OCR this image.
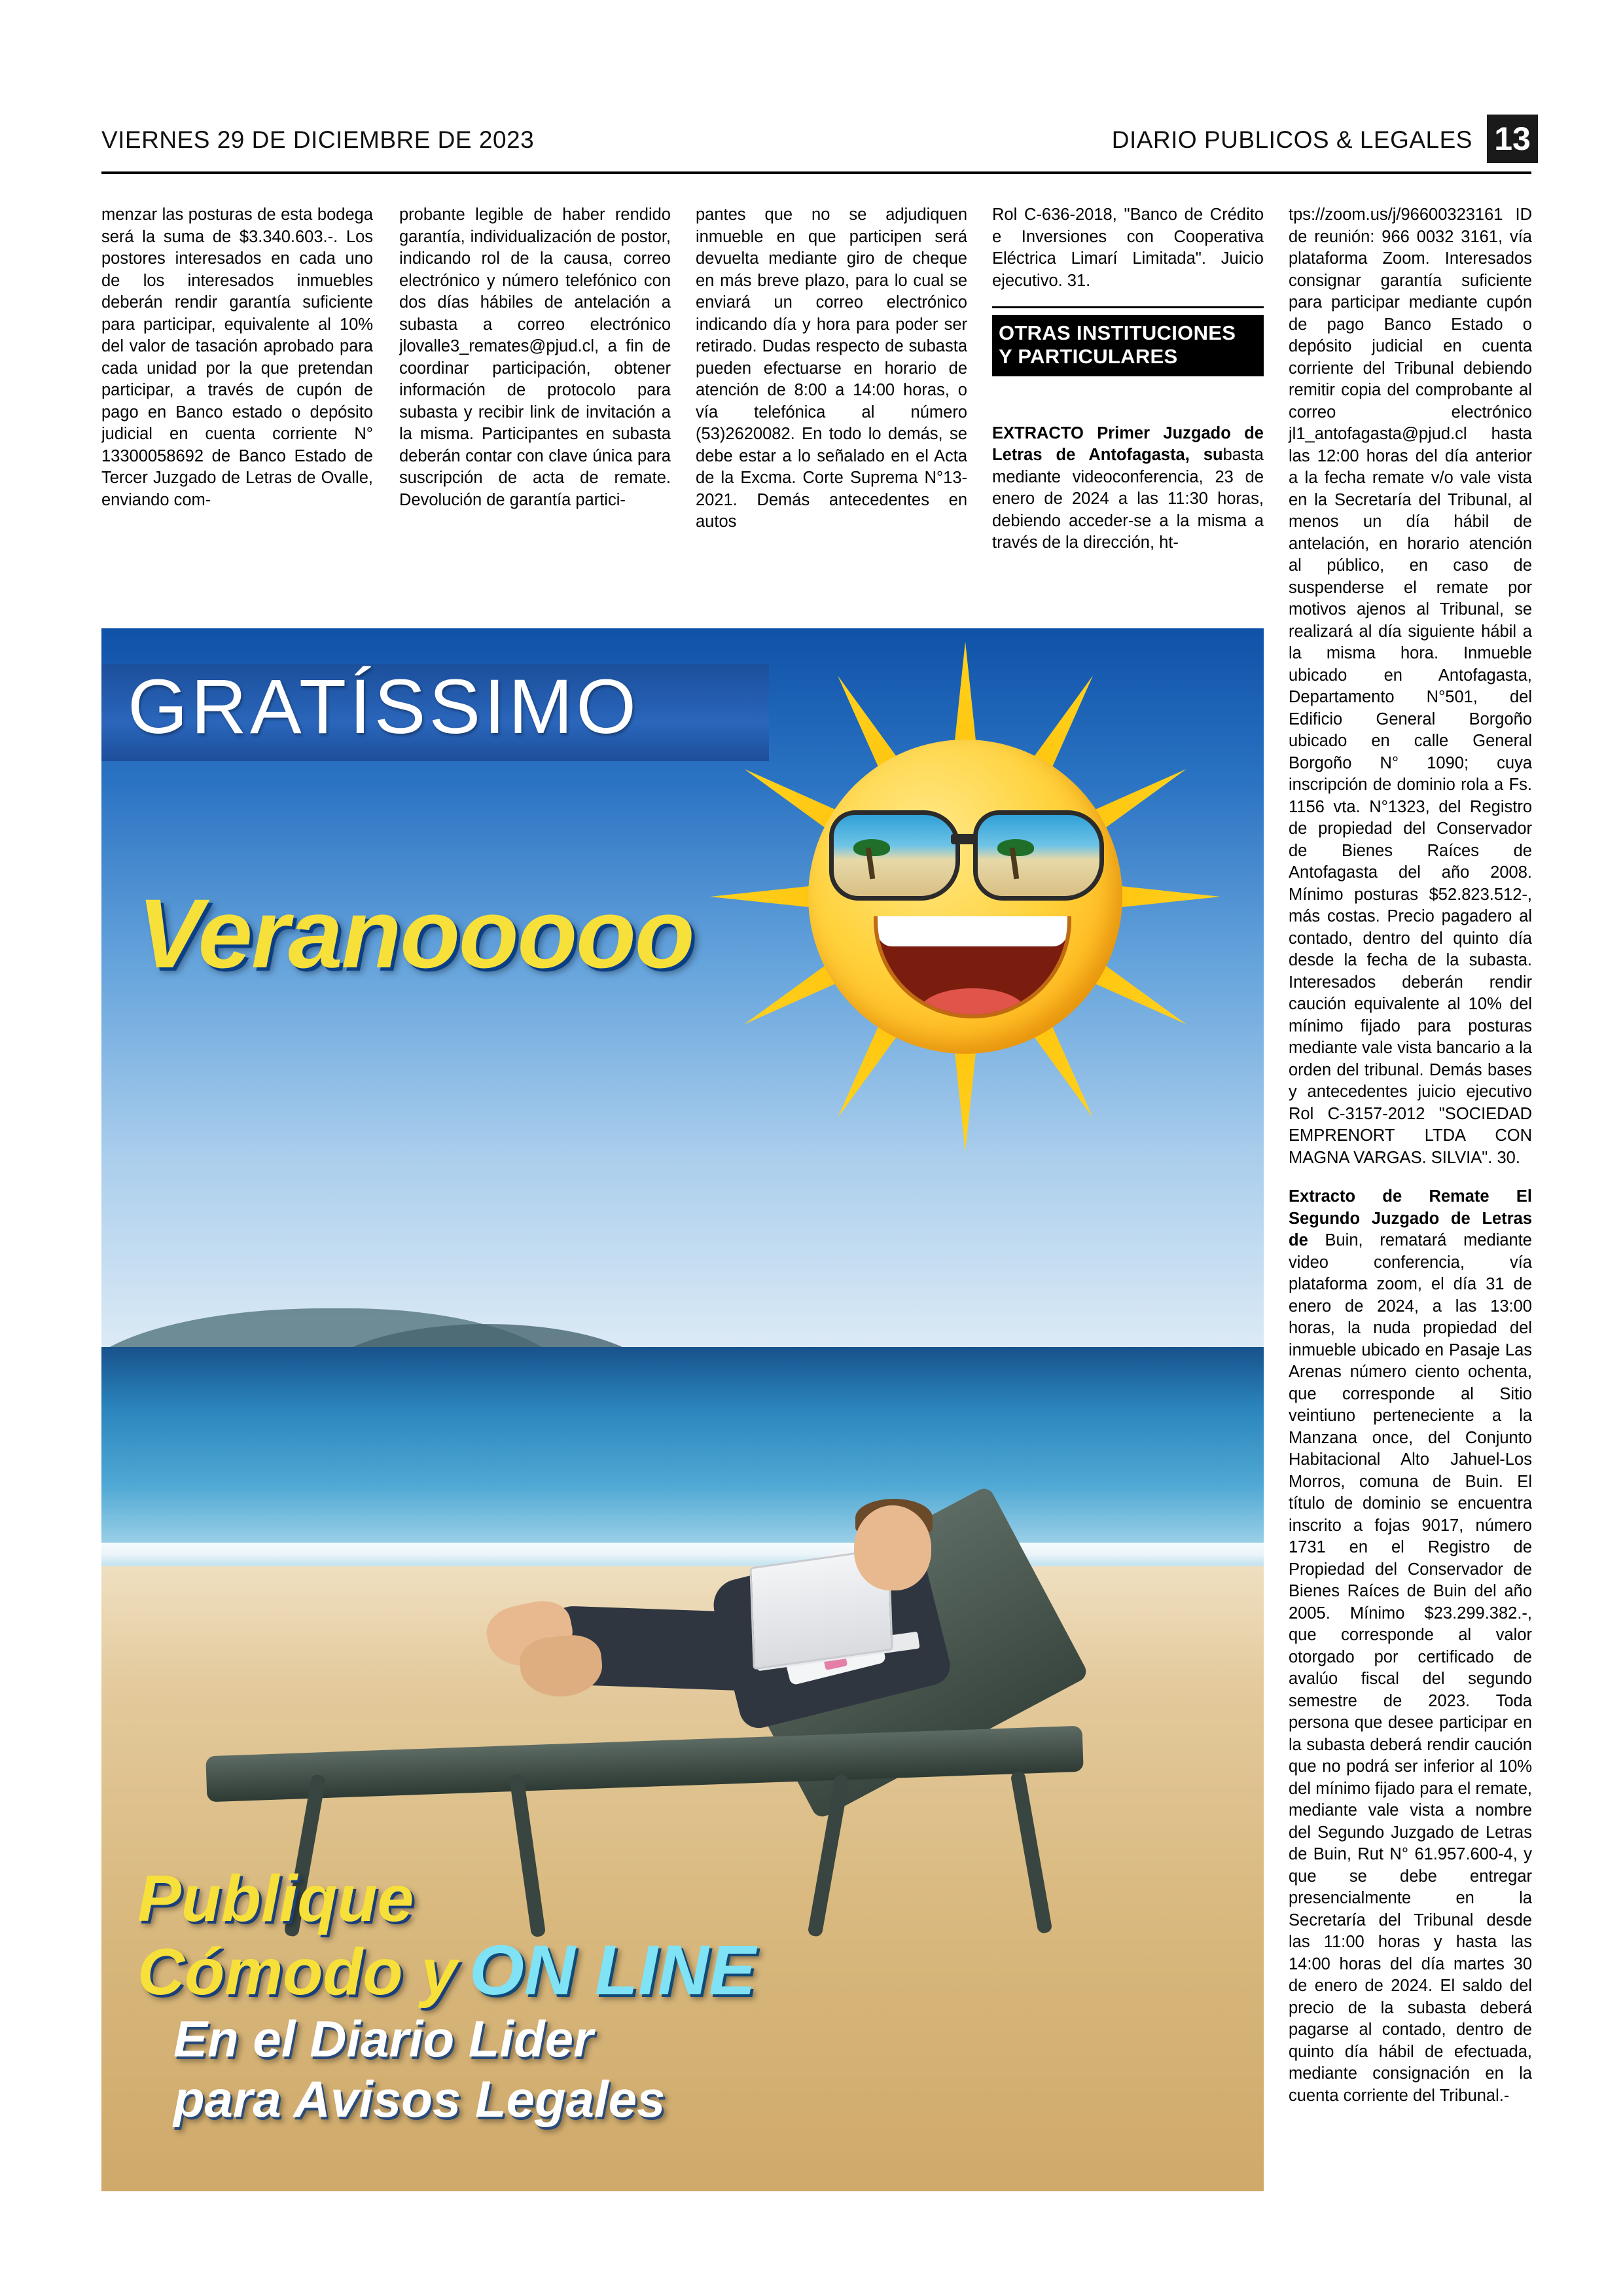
VIERNES 29 DE DICIEMBRE DE 2023	DIARIO PUBLICOS & LEGALES 13

menzar las posturas de esta bodega será la suma de $3.340.603.-. Los postores interesados en cada uno de los interesados inmuebles deberán rendir garantía suficiente para participar, equivalente al 10% del valor de tasación aprobado para cada unidad por la que pretendan participar, a través de cupón de pago en Banco estado o depósito judicial en cuenta corriente N° 13300058692 de Banco Estado de Tercer Juzgado de Letras de Ovalle, enviando com-

probante legible de haber rendido garantía, individualización de postor, indicando rol de la causa, correo electrónico y número telefónico con dos días hábiles de antelación a subasta a correo electrónico jlovalle3_remates@pjud.cl, a fin de coordinar participación, obtener información de protocolo para subasta y recibir link de invitación a la misma. Participantes en subasta deberán contar con clave única para suscripción de acta de remate. Devolución de garantía partici-

pantes que no se adjudiquen inmueble en que participen será devuelta mediante giro de cheque en más breve plazo, para lo cual se enviará un correo electrónico indicando día y hora para poder ser retirado. Dudas respecto de subasta pueden efectuarse en horario de atención de 8:00 a 14:00 horas, o vía telefónica al número (53)2620082. En todo lo demás, se debe estar a lo señalado en el Acta de la Excma. Corte Suprema N°13-2021. Demás antecedentes en autos

Rol C-636-2018, "Banco de Crédito e Inversiones con Cooperativa Eléctrica Limarí Limitada". Juicio ejecutivo. 31.

OTRAS INSTITUCIONES
Y PARTICULARES

EXTRACTO Primer Juzgado de Letras de Antofagasta, subasta mediante videoconferencia, 23 de enero de 2024 a las 11:30 horas, debiendo acceder-se a la misma a través de la dirección, ht-

tps://zoom.us/j/96600323161 ID de reunión: 966 0032 3161, vía plataforma Zoom. Interesados consignar garantía suficiente para participar mediante cupón de pago Banco Estado o depósito judicial en cuenta corriente del Tribunal debiendo remitir copia del comprobante al correo electrónico jl1_antofagasta@pjud.cl hasta las 12:00 horas del día anterior a la fecha remate v/o vale vista en la Secretaría del Tribunal, al menos un día hábil de antelación, en horario atención al público, en caso de suspenderse el remate por motivos ajenos al Tribunal, se realizará al día siguiente hábil a la misma hora. Inmueble ubicado en Antofagasta, Departamento N°501, del Edificio General Borgoño ubicado en calle General Borgoño N° 1090; cuya inscripción de dominio rola a Fs. 1156 vta. N°1323, del Registro de propiedad del Conservador de Bienes Raíces de Antofagasta del año 2008. Mínimo posturas $52.823.512-, más costas. Precio pagadero al contado, dentro del quinto día desde la fecha de la subasta. Interesados deberán rendir caución equivalente al 10% del mínimo fijado para posturas mediante vale vista bancario a la orden del tribunal. Demás bases y antecedentes juicio ejecutivo Rol C-3157-2012 "SOCIEDAD EMPRENORT LTDA CON MAGNA VARGAS. SILVIA". 30.

Extracto de Remate El Segundo Juzgado de Letras de Buin, rematará mediante video conferencia, vía plataforma zoom, el día 31 de enero de 2024, a las 13:00 horas, la nuda propiedad del inmueble ubicado en Pasaje Las Arenas número ciento ochenta, que corresponde al Sitio veintiuno perteneciente a la Manzana once, del Conjunto Habitacional Alto Jahuel-Los Morros, comuna de Buin. El título de dominio se encuentra inscrito a fojas 9017, número 1731 en el Registro de Propiedad del Conservador de Bienes Raíces de Buin del año 2005. Mínimo $23.299.382.-, que corresponde al valor otorgado por certificado de avalúo fiscal del segundo semestre de 2023. Toda persona que desee participar en la subasta deberá rendir caución que no podrá ser inferior al 10% del mínimo fijado para el remate, mediante vale vista a nombre del Segundo Juzgado de Letras de Buin, Rut N° 61.957.600-4, y que se debe entregar presencialmente en la Secretaría del Tribunal desde las 11:00 horas y hasta las 14:00 horas del día martes 30 de enero de 2024. El saldo del precio de la subasta deberá pagarse al contado, dentro de quinto día hábil de efectuada, mediante consignación en la cuenta corriente del Tribunal.-

GRATÍSSIMO
Veranooooo
Publique
Cómodo y ON LINE
En el Diario Lider
para Avisos Legales
